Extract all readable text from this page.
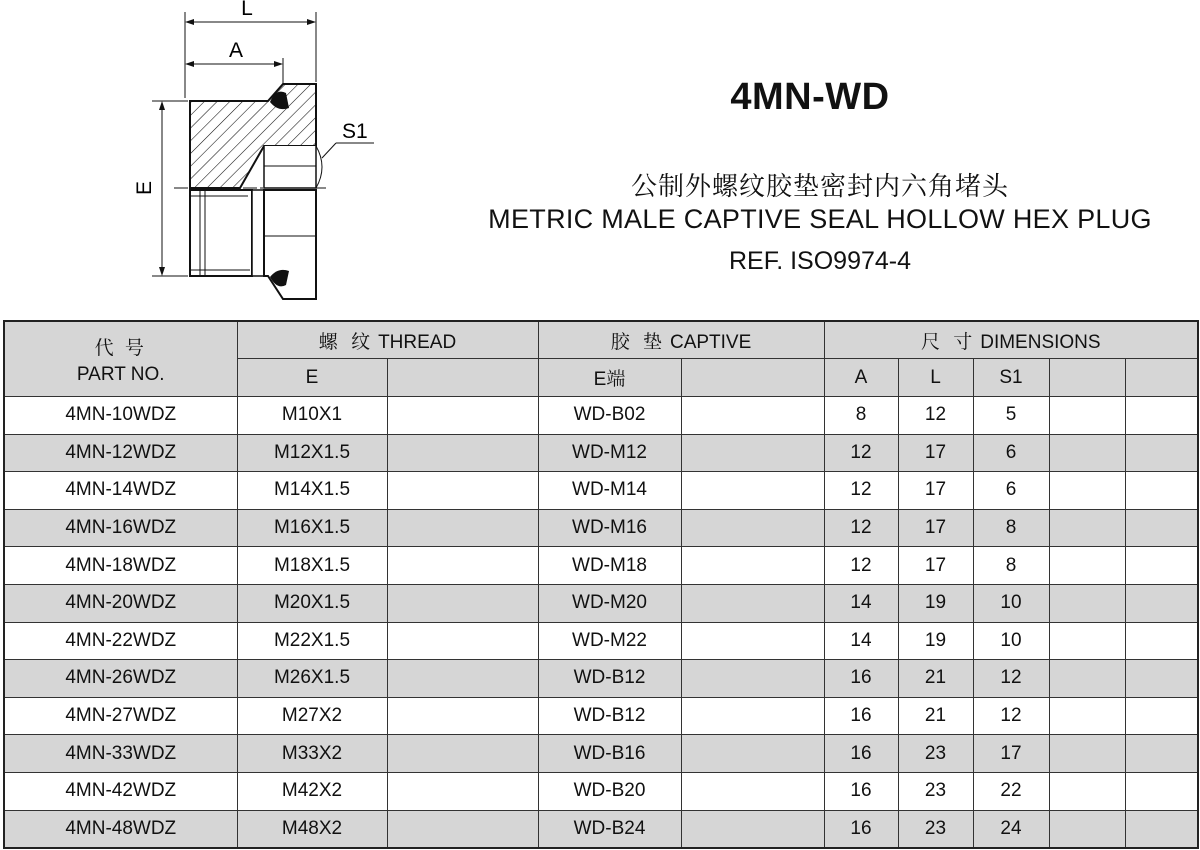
L
A
E
S1
4MN-WD
公制外螺纹胶垫密封内六角堵头
METRIC MALE CAPTIVE SEAL HOLLOW HEX PLUG
REF. ISO9974-4
代 号
PART NO.	螺 纹 THREAD		胶 垫 CAPTIVE		尺 寸 DIMENSIONS				
	E		E端		A	L	S1		
4MN-10WDZ	M10X1		WD-B02		8	12	5		
4MN-12WDZ	M12X1.5		WD-M12		12	17	6		
4MN-14WDZ	M14X1.5		WD-M14		12	17	6		
4MN-16WDZ	M16X1.5		WD-M16		12	17	8		
4MN-18WDZ	M18X1.5		WD-M18		12	17	8		
4MN-20WDZ	M20X1.5		WD-M20		14	19	10		
4MN-22WDZ	M22X1.5		WD-M22		14	19	10		
4MN-26WDZ	M26X1.5		WD-B12		16	21	12		
4MN-27WDZ	M27X2		WD-B12		16	21	12		
4MN-33WDZ	M33X2		WD-B16		16	23	17		
4MN-42WDZ	M42X2		WD-B20		16	23	22		
4MN-48WDZ	M48X2		WD-B24		16	23	24		
